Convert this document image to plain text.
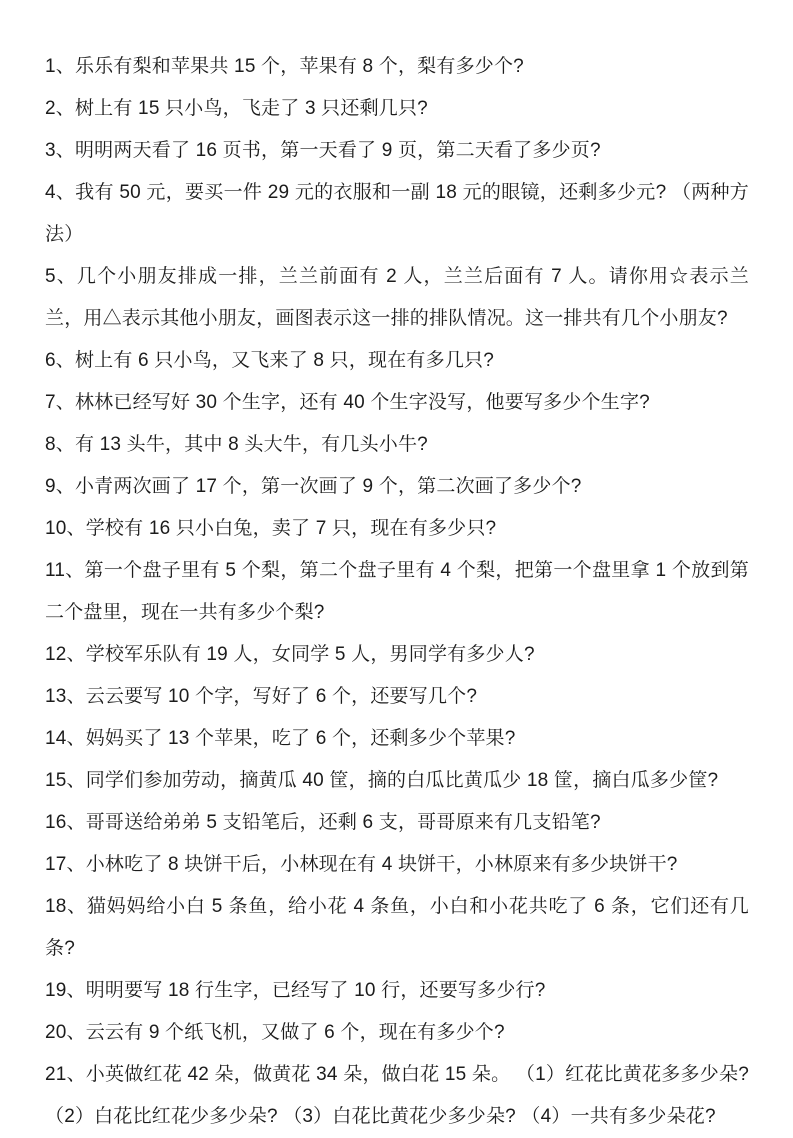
1、乐乐有梨和苹果共 15 个，苹果有 8 个，梨有多少个?

2、树上有 15 只小鸟，飞走了 3 只还剩几只?

3、明明两天看了 16 页书，第一天看了 9 页，第二天看了多少页?

4、我有 50 元，要买一件 29 元的衣服和一副 18 元的眼镜，还剩多少元? （两种方法）

5、几个小朋友排成一排，兰兰前面有 2 人，兰兰后面有 7 人。请你用☆表示兰兰，用△表示其他小朋友，画图表示这一排的排队情况。这一排共有几个小朋友?

6、树上有 6 只小鸟，又飞来了 8 只，现在有多几只?

7、林林已经写好 30 个生字，还有 40 个生字没写，他要写多少个生字?

8、有 13 头牛，其中 8 头大牛，有几头小牛?

9、小青两次画了 17 个，第一次画了 9 个，第二次画了多少个?

10、学校有 16 只小白兔，卖了 7 只，现在有多少只?

11、第一个盘子里有 5 个梨，第二个盘子里有 4 个梨，把第一个盘里拿 1 个放到第二个盘里，现在一共有多少个梨?

12、学校军乐队有 19 人，女同学 5 人，男同学有多少人?

13、云云要写 10 个字，写好了 6 个，还要写几个?

14、妈妈买了 13 个苹果，吃了 6 个，还剩多少个苹果?

15、同学们参加劳动，摘黄瓜 40 筐，摘的白瓜比黄瓜少 18 筐，摘白瓜多少筐?

16、哥哥送给弟弟 5 支铅笔后，还剩 6 支，哥哥原来有几支铅笔?

17、小林吃了 8 块饼干后，小林现在有 4 块饼干，小林原来有多少块饼干?

18、猫妈妈给小白 5 条鱼，给小花 4 条鱼，小白和小花共吃了 6 条，它们还有几条?

19、明明要写 18 行生字，已经写了 10 行，还要写多少行?

20、云云有 9 个纸飞机，又做了 6 个，现在有多少个?

21、小英做红花 42 朵，做黄花 34 朵，做白花 15 朵。 （1）红花比黄花多多少朵? （2）白花比红花少多少朵? （3）白花比黄花少多少朵? （4）一共有多少朵花?
